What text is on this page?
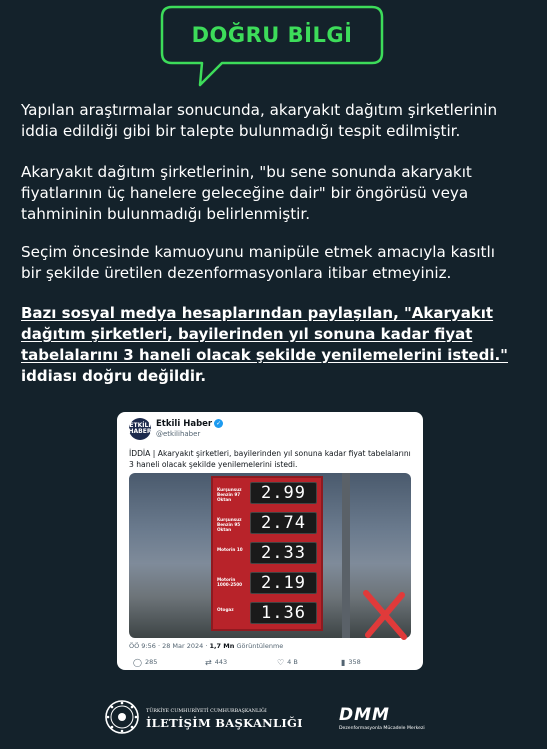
DOĞRU BİLGİ

Yapılan araştırmalar sonucunda, akaryakıt dağıtım şirketlerinin iddia edildiği gibi bir talepte bulunmadığı tespit edilmiştir.

Akaryakıt dağıtım şirketlerinin, "bu sene sonunda akaryakıt fiyatlarının üç hanelere geleceğine dair" bir öngörüsü veya tahmininin bulunmadığı belirlenmiştir.

Seçim öncesinde kamuoyunu manipüle etmek amacıyla kasıtlı bir şekilde üretilen dezenformasyonlara itibar etmeyiniz.

Bazı sosyal medya hesaplarından paylaşılan, "Akaryakıt dağıtım şirketleri, bayilerinden yıl sonuna kadar fiyat tabelalarını 3 haneli olacak şekilde yenilemelerini istedi." iddiası doğru değildir.

ETKİLİ HABER
Etkili Haber ✓
@etkilihaber
İDDİA | Akaryakıt şirketleri, bayilerinden yıl sonuna kadar fiyat tabelalarını 3 haneli olacak şekilde yenilemelerini istedi.
Kurşunsuz Benzin 97 Oktan	2.99
Kurşunsuz Benzin 95 Oktan	2.74
Motorin 10	2.33
Motorin 1000-2500	2.19
Otogaz	1.36
ÖÖ 9:56 · 28 Mar 2024 · 1,7 Mn Görüntülenme
◯ 285	⇄ 443	♡ 4 B	▮ 358
TÜRKİYE CUMHURİYETİ CUMHURBAŞKANLIĞI
İLETİŞİM BAŞKANLIĞI DMM
Dezenformasyonla Mücadele Merkezi
